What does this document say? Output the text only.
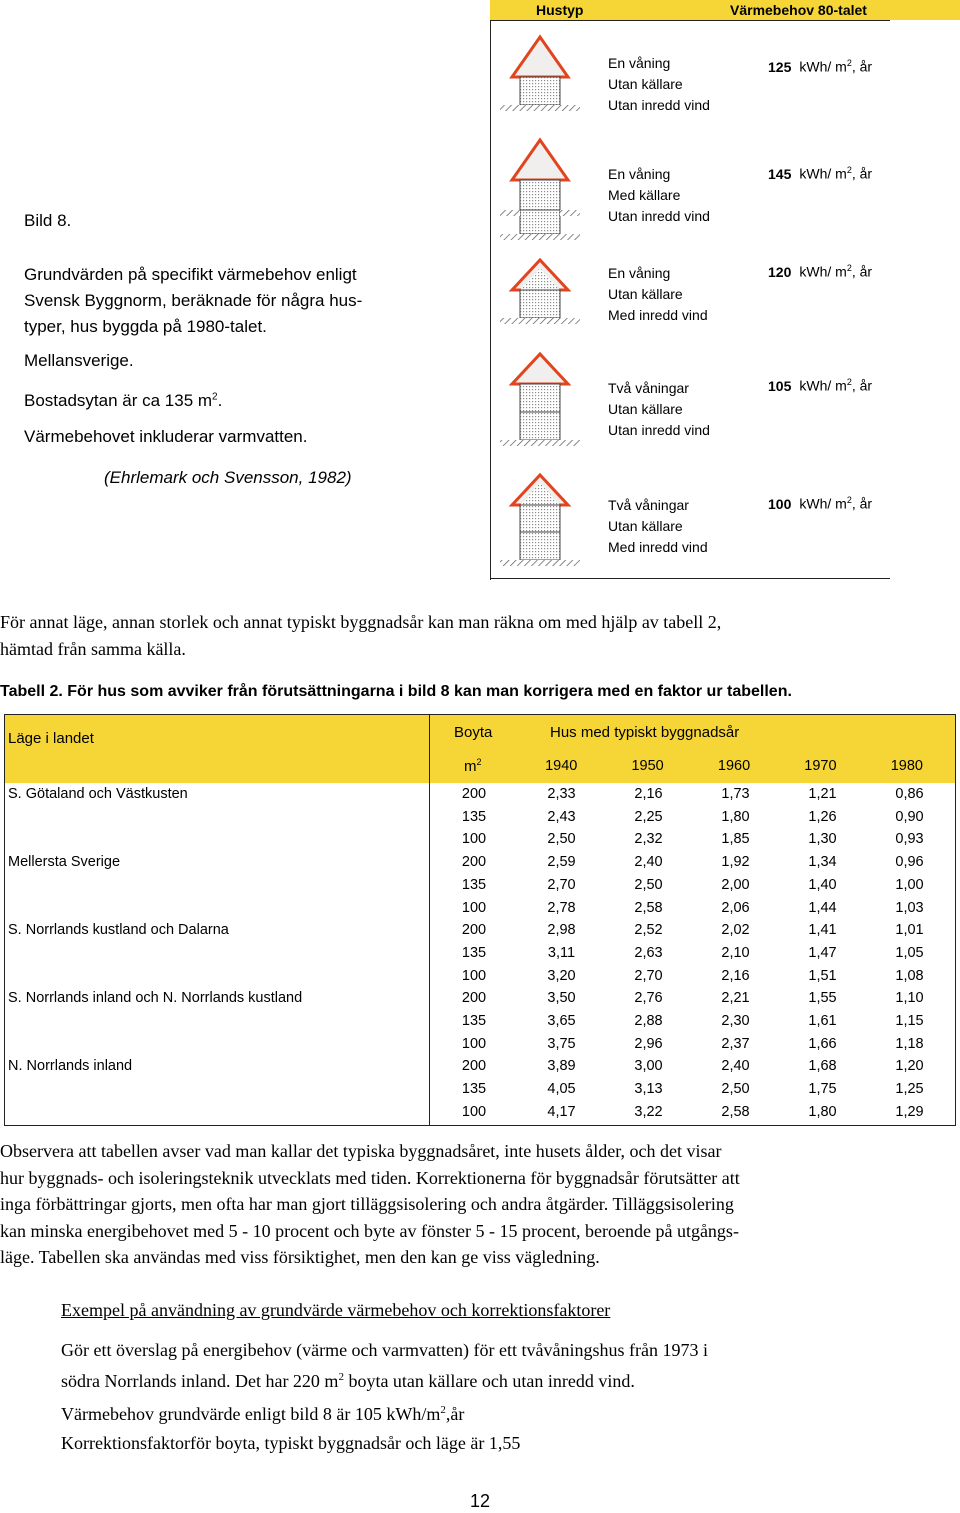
Hustyp	Värmebehov 80-talet
En våning
Utan källare
Utan inredd vind
125 kWh/ $m^2$, år
En våning
Med källare
Utan inredd vind
145 kWh/ $m^2$, år
En våning
Utan källare
Med inredd vind
120 kWh/ $m^2$, år
Två våningar
Utan källare
Utan inredd vind
105 kWh/ $m^2$, år
Två våningar
Utan källare
Med inredd vind
100 kWh/ $m^2$, år
Bild 8.
Grundvärden på specifikt värmebehov enligt
Svensk Byggnorm, beräknade för några hus-
typer, hus byggda på 1980-talet.
Mellansverige.
Bostadsytan är ca 135 $m^2$.
Värmebehovet inkluderar varmvatten.
(Ehrlemark och Svensson, 1982)
För annat läge, annan storlek och annat typiskt byggnadsår kan man räkna om med hjälp av tabell 2,
hämtad från samma källa.
Tabell 2. För hus som avviker från förutsättningarna i bild 8 kan man korrigera med en faktor ur tabellen.
Läge i landet	Boyta	Hus med typiskt byggnadsår
$m^2$	1940	1950	1960	1970	1980
S. Götaland och Västkusten	200	2,33	2,16	1,73	1,21	0,86
135	2,43	2,25	1,80	1,26	0,90
100	2,50	2,32	1,85	1,30	0,93
Mellersta Sverige	200	2,59	2,40	1,92	1,34	0,96
135	2,70	2,50	2,00	1,40	1,00
100	2,78	2,58	2,06	1,44	1,03
S. Norrlands kustland och Dalarna	200	2,98	2,52	2,02	1,41	1,01
135	3,11	2,63	2,10	1,47	1,05
100	3,20	2,70	2,16	1,51	1,08
S. Norrlands inland och N. Norrlands kustland	200	3,50	2,76	2,21	1,55	1,10
135	3,65	2,88	2,30	1,61	1,15
100	3,75	2,96	2,37	1,66	1,18
N. Norrlands inland	200	3,89	3,00	2,40	1,68	1,20
135	4,05	3,13	2,50	1,75	1,25
100	4,17	3,22	2,58	1,80	1,29
Observera att tabellen avser vad man kallar det typiska byggnadsåret, inte husets ålder, och det visar
hur byggnads- och isoleringsteknik utvecklats med tiden. Korrektionerna för byggnadsår förutsätter att
inga förbättringar gjorts, men ofta har man gjort tilläggsisolering och andra åtgärder. Tilläggsisolering
kan minska energibehovet med 5 - 10 procent och byte av fönster 5 - 15 procent, beroende på utgångs-
läge. Tabellen ska användas med viss försiktighet, men den kan ge viss vägledning.
Exempel på användning av grundvärde värmebehov och korrektionsfaktorer
Gör ett överslag på energibehov (värme och varmvatten) för ett tvåvåningshus från 1973 i
södra Norrlands inland. Det har 220 $m^2$ boyta utan källare och utan inredd vind.
Värmebehov grundvärde enligt bild 8 är 105 kWh/$m^2,år$
Korrektionsfaktorför boyta, typiskt byggnadsår och läge är 1,55
12
